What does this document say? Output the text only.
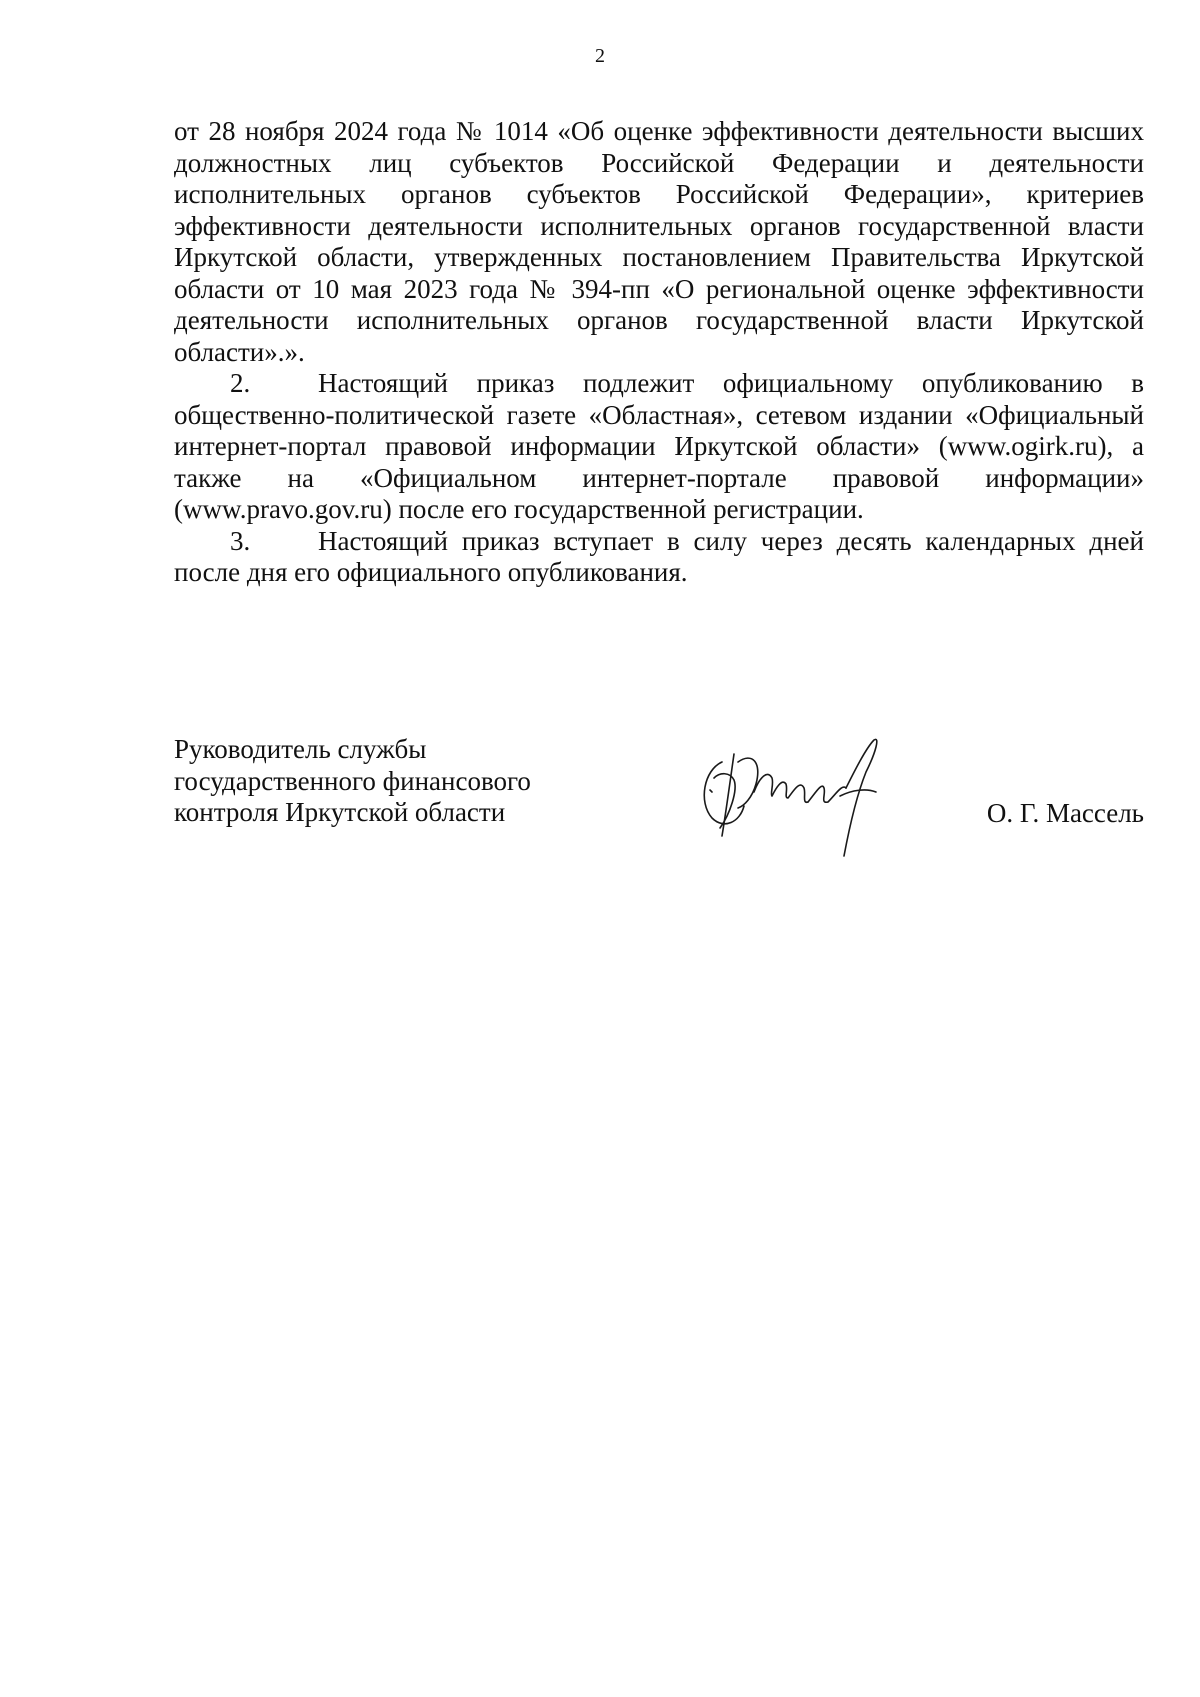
2

от 28 ноября 2024 года № 1014 «Об оценке эффективности деятельности высших должностных лиц субъектов Российской Федерации и деятельности исполнительных органов субъектов Российской Федерации», критериев эффективности деятельности исполнительных органов государственной власти Иркутской области, утвержденных постановлением Правительства Иркутской области от 10 мая 2023 года № 394-пп «О региональной оценке эффективности деятельности исполнительных органов государственной власти Иркутской области».».

2.	Настоящий приказ подлежит официальному опубликованию в общественно-политической газете «Областная», сетевом издании «Официальный интернет-портал правовой информации Иркутской области» (www.ogirk.ru), а также на «Официальном интернет-портале правовой информации» (www.pravo.gov.ru) после его государственной регистрации.

3.	Настоящий приказ вступает в силу через десять календарных дней после дня его официального опубликования.

Руководитель службы
государственного финансового
контроля Иркутской области	О. Г. Массель
